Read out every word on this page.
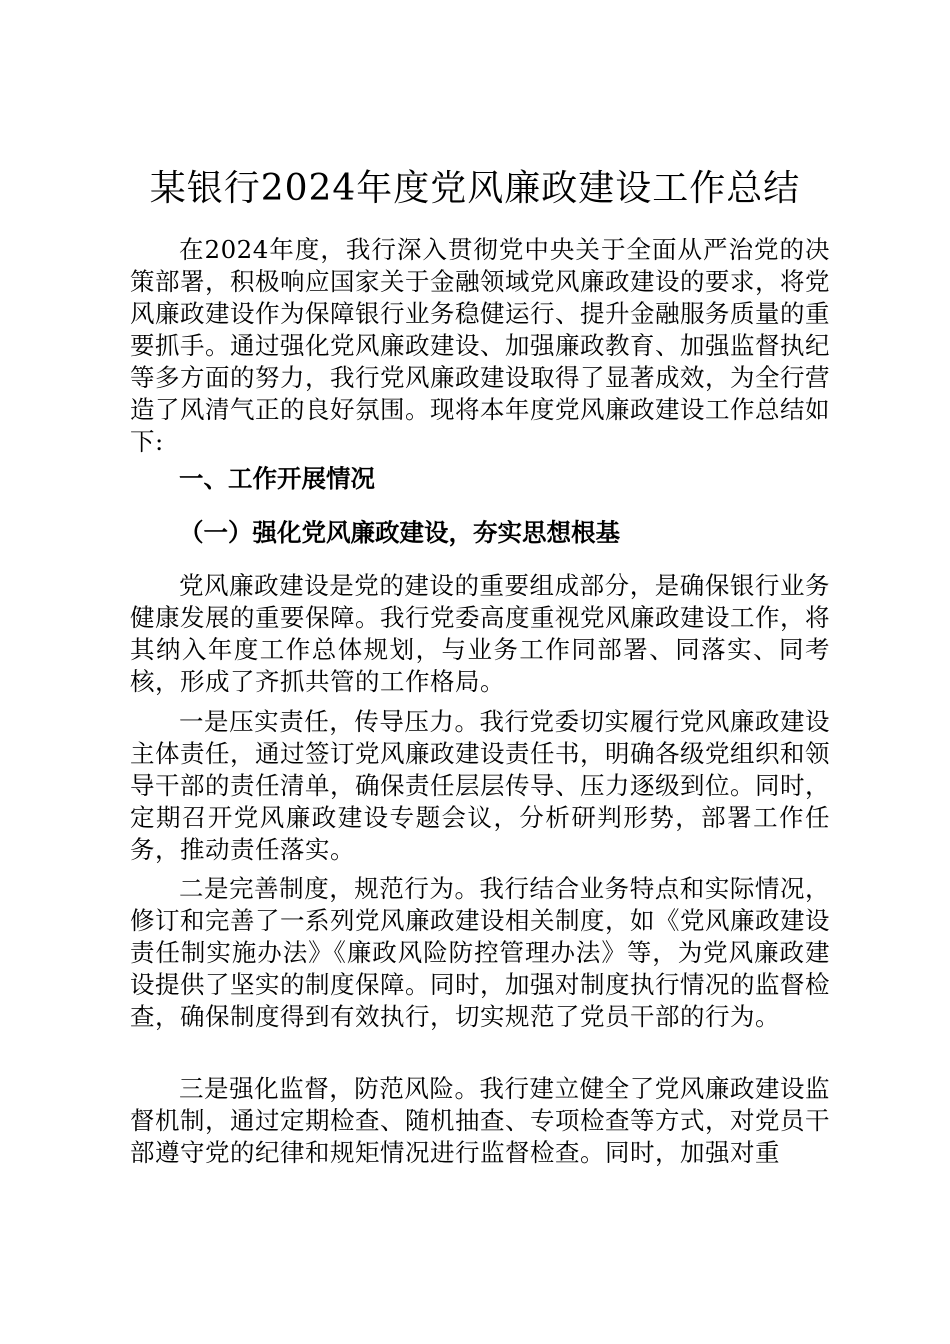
某银行2024年度党风廉政建设工作总结

在2024年度，我行深入贯彻党中央关于全面从严治党的决策部署，积极响应国家关于金融领域党风廉政建设的要求，将党风廉政建设作为保障银行业务稳健运行、提升金融服务质量的重要抓手。通过强化党风廉政建设、加强廉政教育、加强监督执纪等多方面的努力，我行党风廉政建设取得了显著成效，为全行营造了风清气正的良好氛围。现将本年度党风廉政建设工作总结如下:

一、工作开展情况
（一）强化党风廉政建设，夯实思想根基

党风廉政建设是党的建设的重要组成部分，是确保银行业务健康发展的重要保障。我行党委高度重视党风廉政建设工作，将其纳入年度工作总体规划，与业务工作同部署、同落实、同考核，形成了齐抓共管的工作格局。

一是压实责任，传导压力。我行党委切实履行党风廉政建设主体责任，通过签订党风廉政建设责任书，明确各级党组织和领导干部的责任清单，确保责任层层传导、压力逐级到位。同时，定期召开党风廉政建设专题会议，分析研判形势，部署工作任务，推动责任落实。

二是完善制度，规范行为。我行结合业务特点和实际情况，修订和完善了一系列党风廉政建设相关制度，如《党风廉政建设责任制实施办法》《廉政风险防控管理办法》等，为党风廉政建设提供了坚实的制度保障。同时，加强对制度执行情况的监督检查，确保制度得到有效执行，切实规范了党员干部的行为。

三是强化监督，防范风险。我行建立健全了党风廉政建设监督机制，通过定期检查、随机抽查、专项检查等方式，对党员干部遵守党的纪律和规矩情况进行监督检查。同时，加强对重
